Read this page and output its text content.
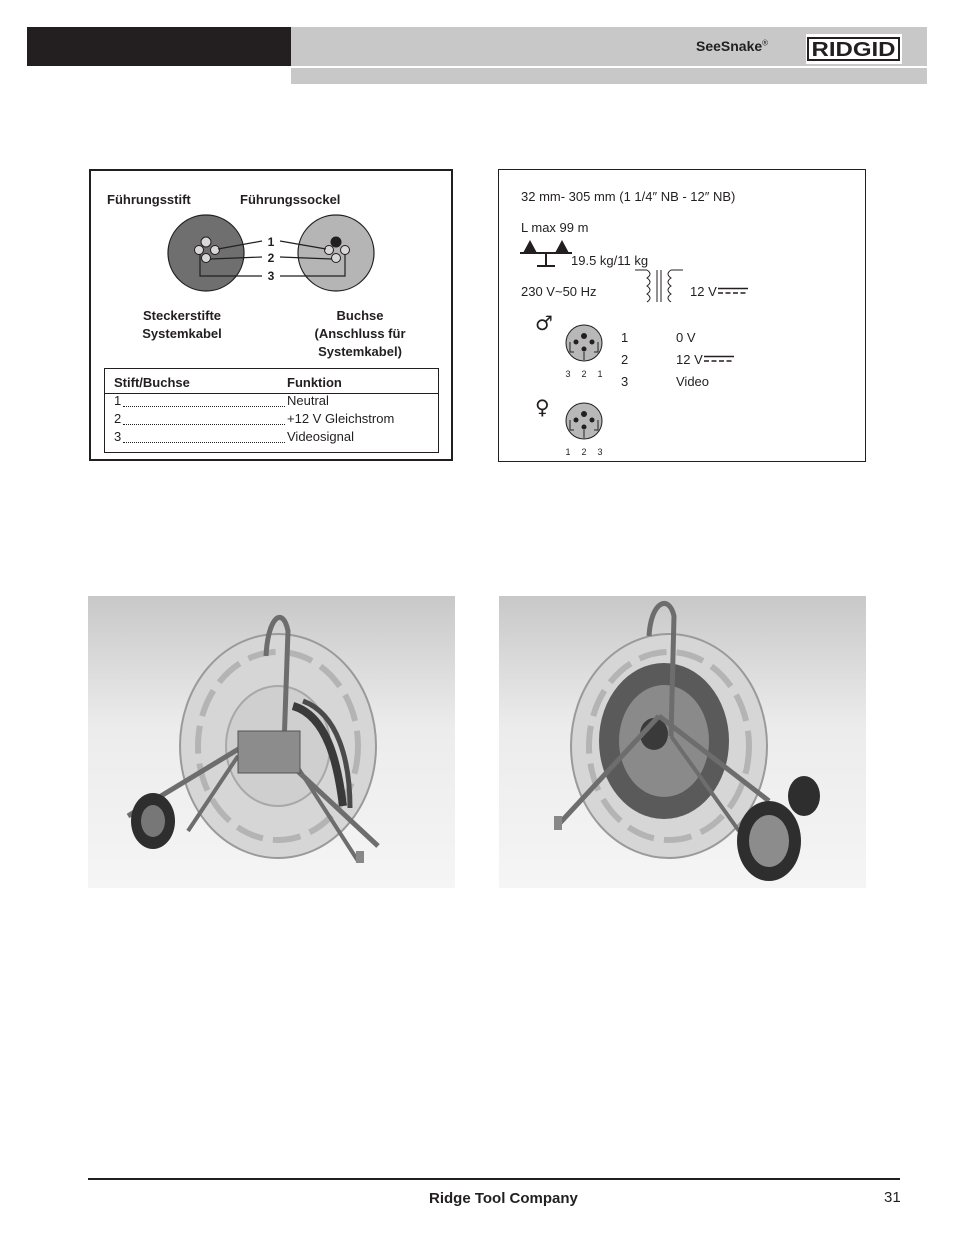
SeeSnake® RIDGID
Führungsstift	Führungssockel
1
2
3
Steckerstifte
Systemkabel
Buchse
(Anschluss für
Systemkabel)
Stift/Buchse	Funktion
1	Neutral
2	+12 V Gleichstrom
3	Videosignal
32 mm- 305 mm (1 1/4″ NB - 12″ NB)
L max 99 m
19.5 kg/11 kg
230 V~50 Hz	12 V
♂
3 2 1
1	0 V
2	12 V
3	Video
♀
1 2 3
Ridge Tool Company	31
